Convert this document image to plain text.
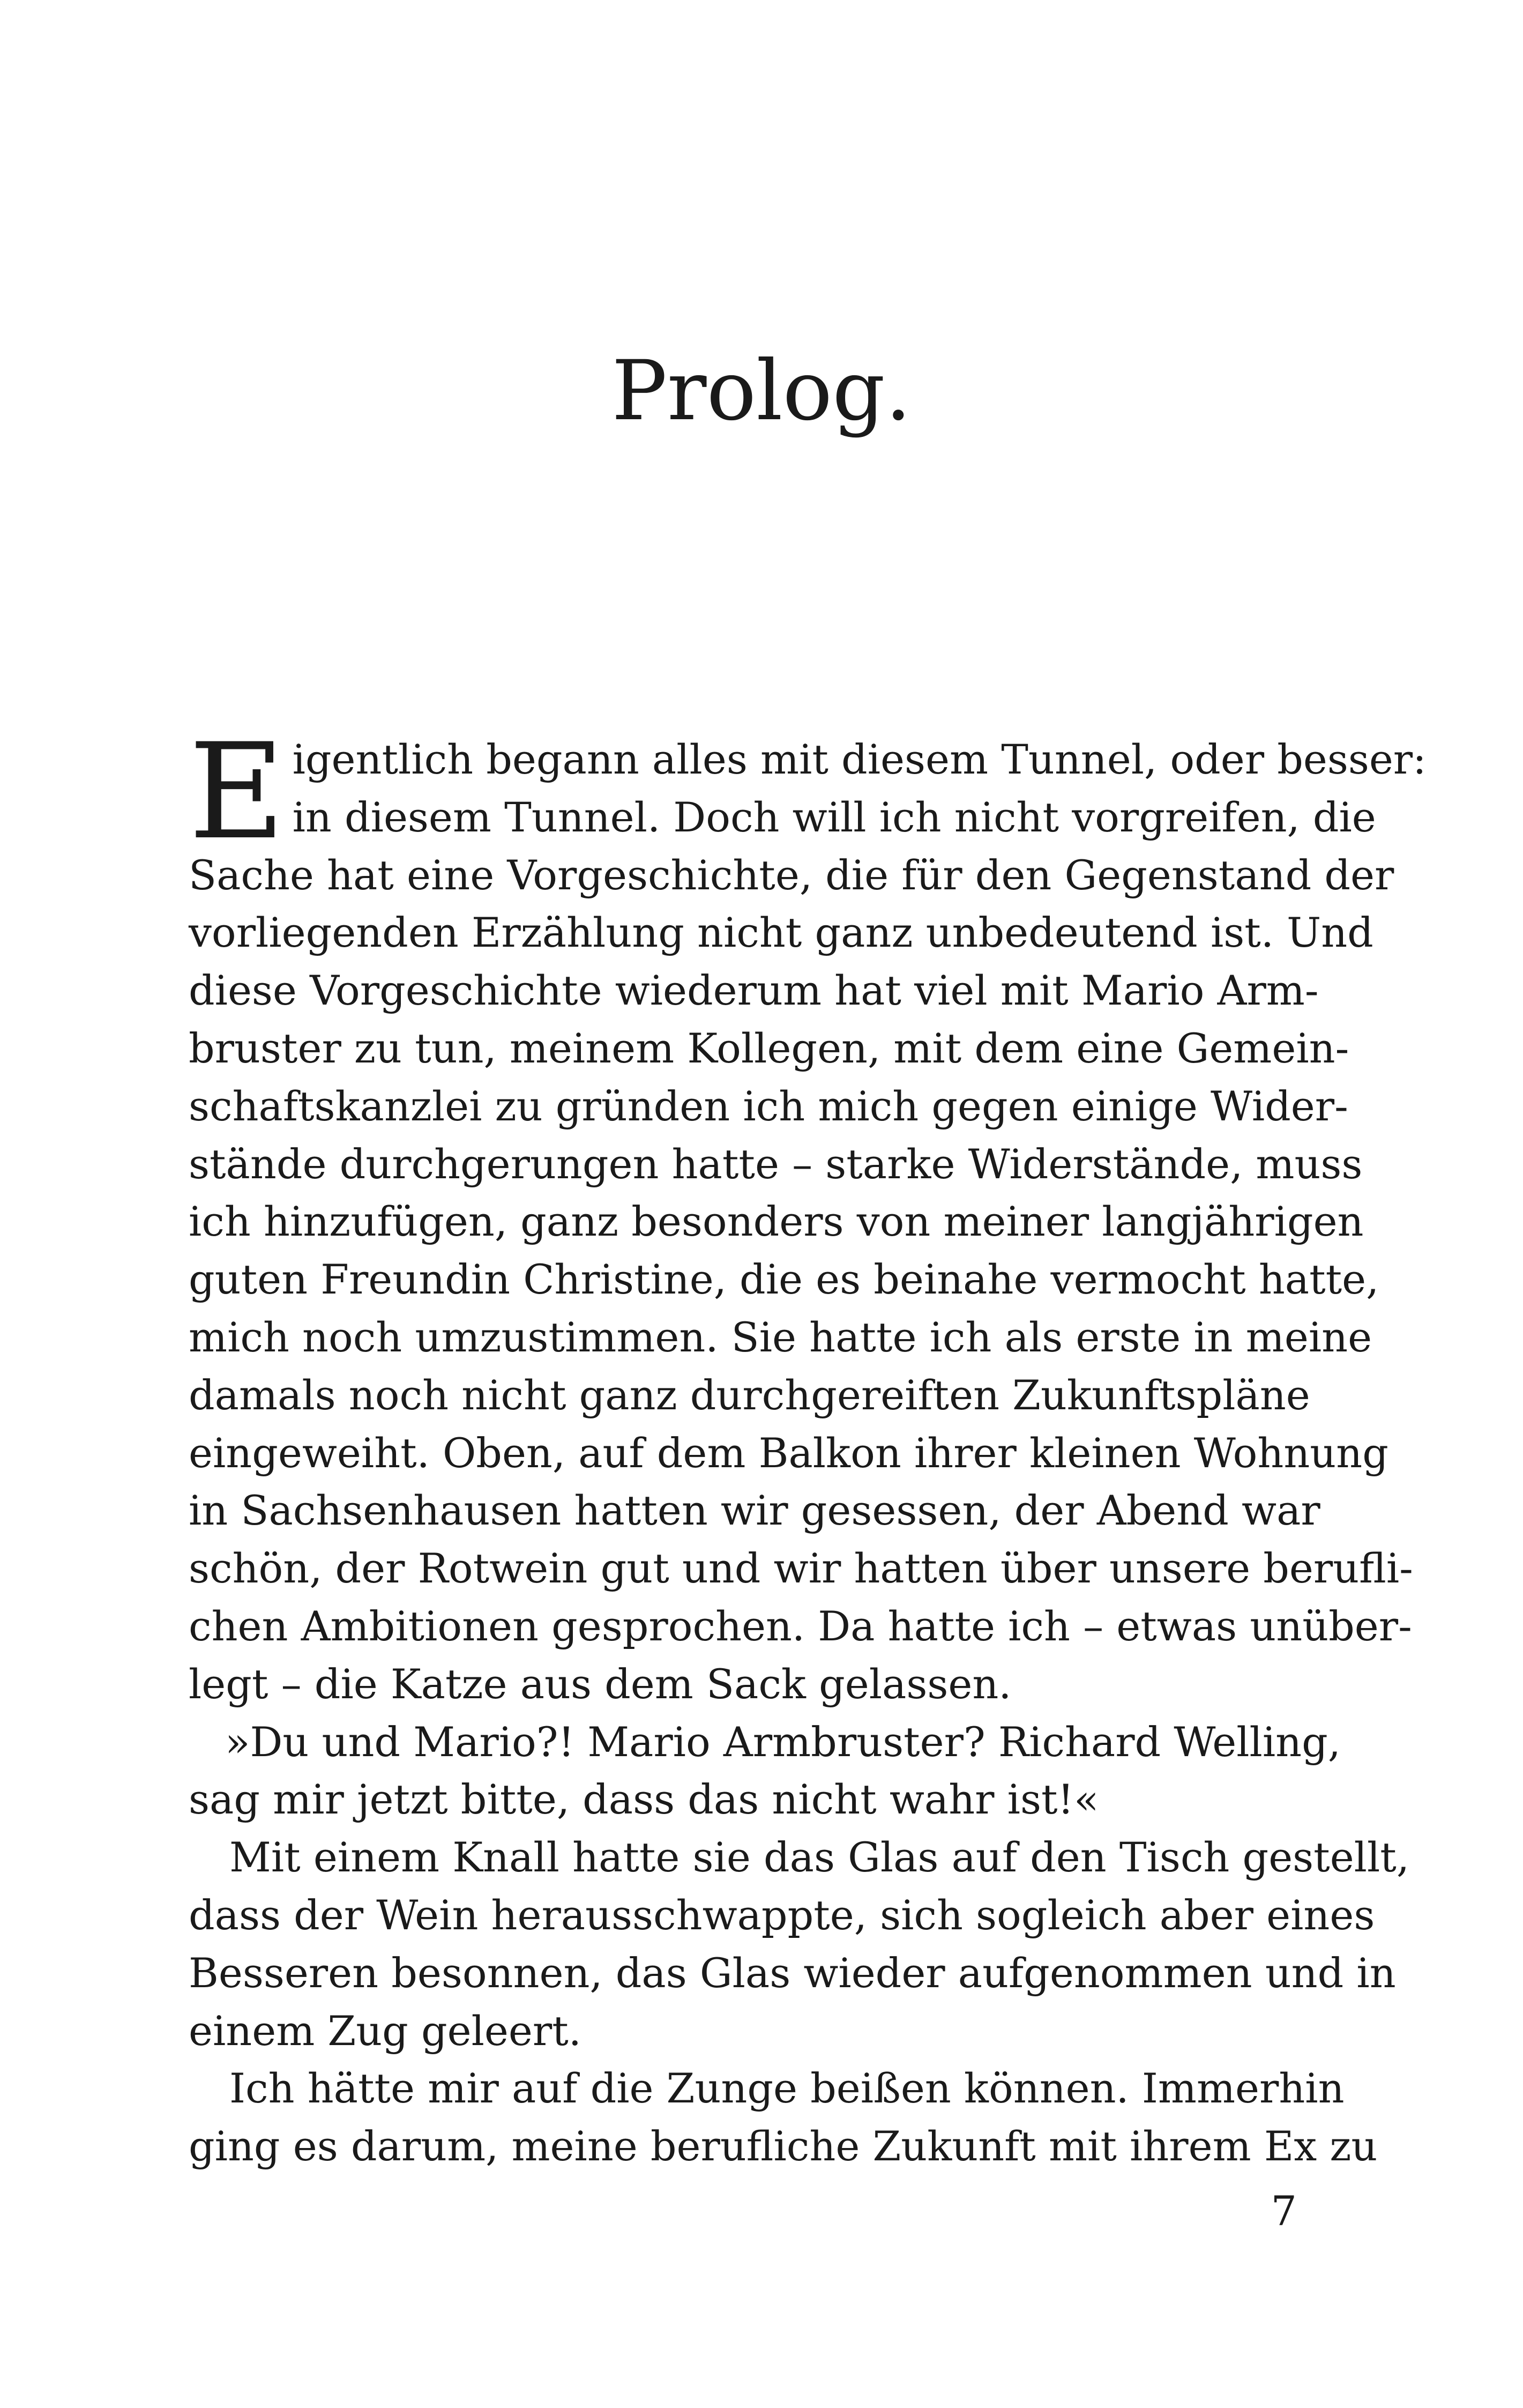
Prolog.

E igentlich begann alles mit diesem Tunnel, oder besser:
in diesem Tunnel. Doch will ich nicht vorgreifen, die
Sache hat eine Vorgeschichte, die für den Gegenstand der
vorliegenden Erzählung nicht ganz unbedeutend ist. Und
diese Vorgeschichte wiederum hat viel mit Mario Arm-
bruster zu tun, meinem Kollegen, mit dem eine Gemein-
schaftskanzlei zu gründen ich mich gegen einige Wider-
stände durchgerungen hatte – starke Widerstände, muss
ich hinzufügen, ganz besonders von meiner langjährigen
guten Freundin Christine, die es beinahe vermocht hatte,
mich noch umzustimmen. Sie hatte ich als erste in meine
damals noch nicht ganz durchgereiften Zukunftspläne
eingeweiht. Oben, auf dem Balkon ihrer kleinen Wohnung
in Sachsenhausen hatten wir gesessen, der Abend war
schön, der Rotwein gut und wir hatten über unsere berufli-
chen Ambitionen gesprochen. Da hatte ich – etwas unüber-
legt – die Katze aus dem Sack gelassen.

»Du und Mario?! Mario Armbruster? Richard Welling,
sag mir jetzt bitte, dass das nicht wahr ist!«

Mit einem Knall hatte sie das Glas auf den Tisch gestellt,
dass der Wein herausschwappte, sich sogleich aber eines
Besseren besonnen, das Glas wieder aufgenommen und in
einem Zug geleert.

Ich hätte mir auf die Zunge beißen können. Immerhin
ging es darum, meine berufliche Zukunft mit ihrem Ex zu

7
